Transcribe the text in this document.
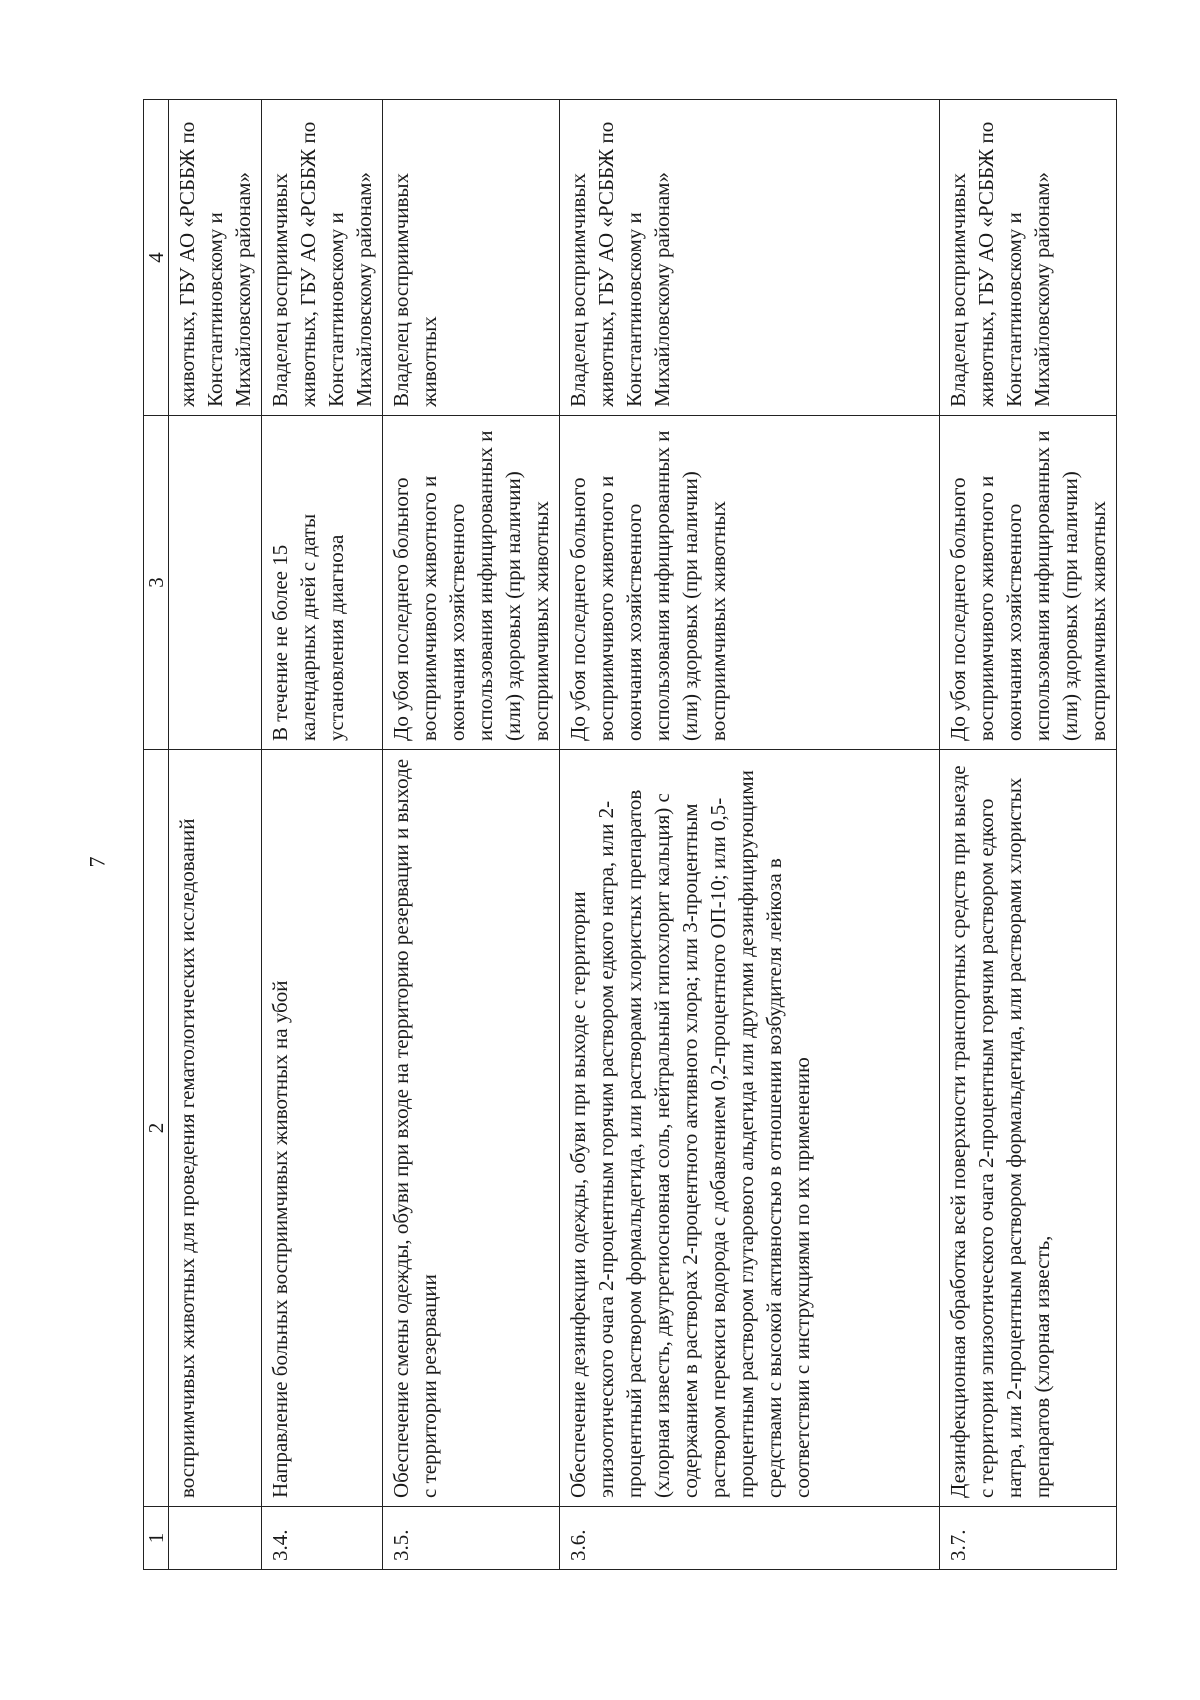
7
1	2	3	4
	восприимчивых животных для проведения гематологических исследований		животных, ГБУ АО «РСББЖ по Константиновскому и Михайловскому районам»
3.4.	Направление больных восприимчивых животных на убой	В течение не более 15 календарных дней с даты установления диагноза	Владелец восприимчивых животных, ГБУ АО «РСББЖ по Константиновскому и Михайловскому районам»
3.5.	Обеспечение смены одежды, обуви при входе на территорию резервации и выходе с территории резервации	До убоя последнего больного восприимчивого животного и окончания хозяйственного использования инфицированных и (или) здоровых (при наличии) восприимчивых животных	Владелец восприимчивых животных
3.6.	Обеспечение дезинфекции одежды, обуви при выходе с территории эпизоотического очага 2-процентным горячим раствором едкого натра, или 2-процентный раствором формальдегида, или растворами хлористых препаратов (хлорная известь, двутретиосновная соль, нейтральный гипохлорит кальция) с содержанием в растворах 2-процентного активного хлора; или 3-процентным раствором перекиси водорода с добавлением 0,2-процентного ОП-10; или 0,5-процентным раствором глутарового альдегида или другими дезинфицирующими средствами с высокой активностью в отношении возбудителя лейкоза в соответствии с инструкциями по их применению	До убоя последнего больного восприимчивого животного и окончания хозяйственного использования инфицированных и (или) здоровых (при наличии) восприимчивых животных	Владелец восприимчивых животных, ГБУ АО «РСББЖ по Константиновскому и Михайловскому районам»
3.7.	Дезинфекционная обработка всей поверхности транспортных средств при выезде с территории эпизоотического очага 2-процентным горячим раствором едкого натра, или 2-процентным раствором формальдегида, или растворами хлористых препаратов (хлорная известь,	До убоя последнего больного восприимчивого животного и окончания хозяйственного использования инфицированных и (или) здоровых (при наличии) восприимчивых животных	Владелец восприимчивых животных, ГБУ АО «РСББЖ по Константиновскому и Михайловскому районам»
